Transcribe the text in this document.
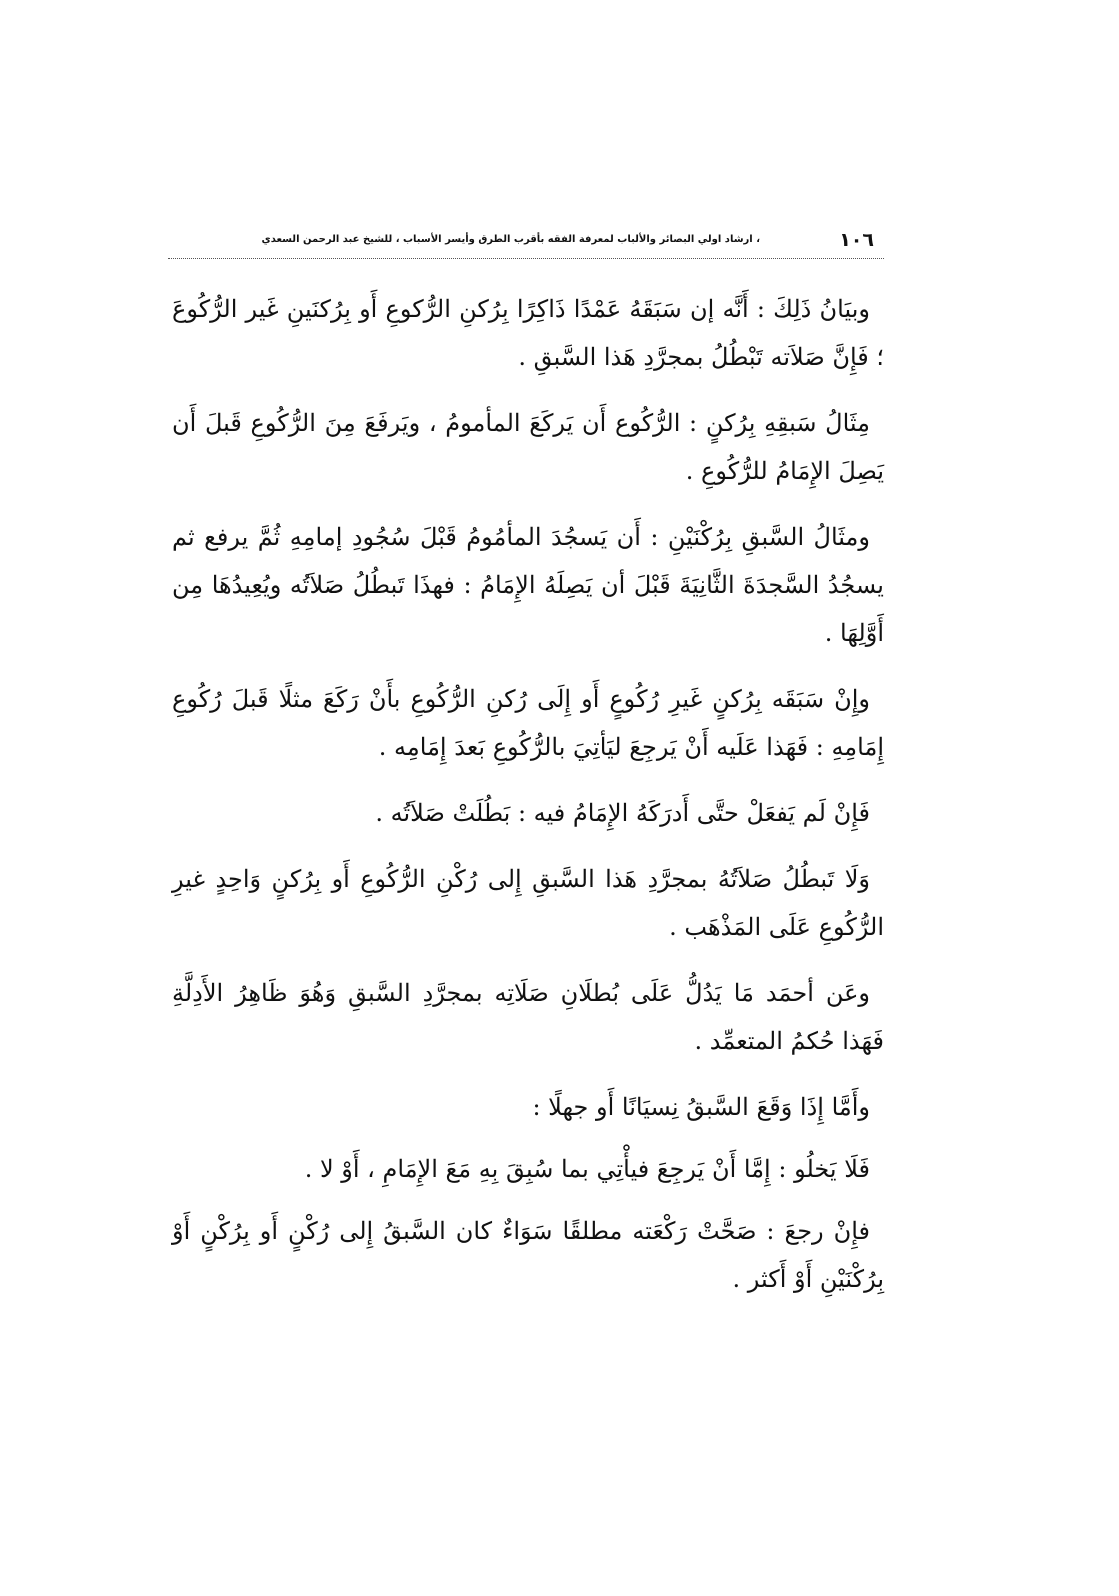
١٠٦
، ارشاد اولي البصائر والألباب لمعرفة الفقه بأقرب الطرق وأيسر الأسباب ، للشيخ عبد الرحمن السعدي

وبيَانُ ذَلِكَ : أَنَّه إن سَبَقَهُ عَمْدًا ذَاكِرًا بِرُكنِ الرُّكوعِ أَو بِرُكنَينِ غَير الرُّكُوعَ ؛ فَإِنَّ صَلاَته تَبْطُلُ بمجرَّدِ هَذا السَّبقِ .

مِثَالُ سَبقِهِ بِرُكنٍ : الرُّكُوع أَن يَركَعَ المأمومُ ، ويَرفَعَ مِنَ الرُّكُوعِ قَبلَ أَن يَصِلَ الإِمَامُ للرُّكُوعِ .

ومثَالُ السَّبقِ بِرُكْنَيْنِ : أَن يَسجُدَ المأمُومُ قَبْلَ سُجُودِ إمامِهِ ثُمَّ يرفع ثم يسجُدُ السَّجدَةَ الثَّانِيَةَ قَبْلَ أن يَصِلَهُ الإِمَامُ : فهذَا تَبطُلُ صَلاَتُه ويُعِيدُهَا مِن أَوَّلِهَا .

وإِنْ سَبَقَه بِرُكنٍ غَيرِ رُكُوعٍ أَو إِلَى رُكنِ الرُّكُوعِ بأَنْ رَكَعَ مثلًا قَبلَ رُكُوعِ إِمَامِهِ : فَهَذا عَلَيه أَنْ يَرجِعَ ليَأتِيَ بالرُّكُوعِ بَعدَ إِمَامِه .

فَإِنْ لَم يَفعَلْ حتَّى أَدرَكَهُ الإِمَامُ فيه : بَطُلَتْ صَلاَتُه .

وَلَا تَبطُلُ صَلاَتُهُ بمجرَّدِ هَذا السَّبقِ إِلى رُكْنِ الرُّكُوعِ أَو بِرُكنٍ وَاحِدٍ غيرِ الرُّكُوعِ عَلَى المَذْهَب .

وعَن أحمَد مَا يَدُلُّ عَلَى بُطلَانِ صَلَاتِه بمجرَّدِ السَّبقِ وَهُوَ ظَاهِرُ الأَدِلَّةِ فَهَذا حُكمُ المتعمِّد .

وأَمَّا إِذَا وَقَعَ السَّبقُ نِسيَانًا أَو جهلًا :

فَلَا يَخلُو : إِمَّا أَنْ يَرجِعَ فيأْتِي بما سُبِقَ بِهِ مَعَ الإِمَامِ ، أَوْ لا .

فإِنْ رجعَ : صَحَّتْ رَكْعَته مطلقًا سَوَاءٌ كان السَّبقُ إِلى رُكْنٍ أَو بِرُكْنٍ أَوْ بِرُكْنَيْنِ أَوْ أَكثر .
